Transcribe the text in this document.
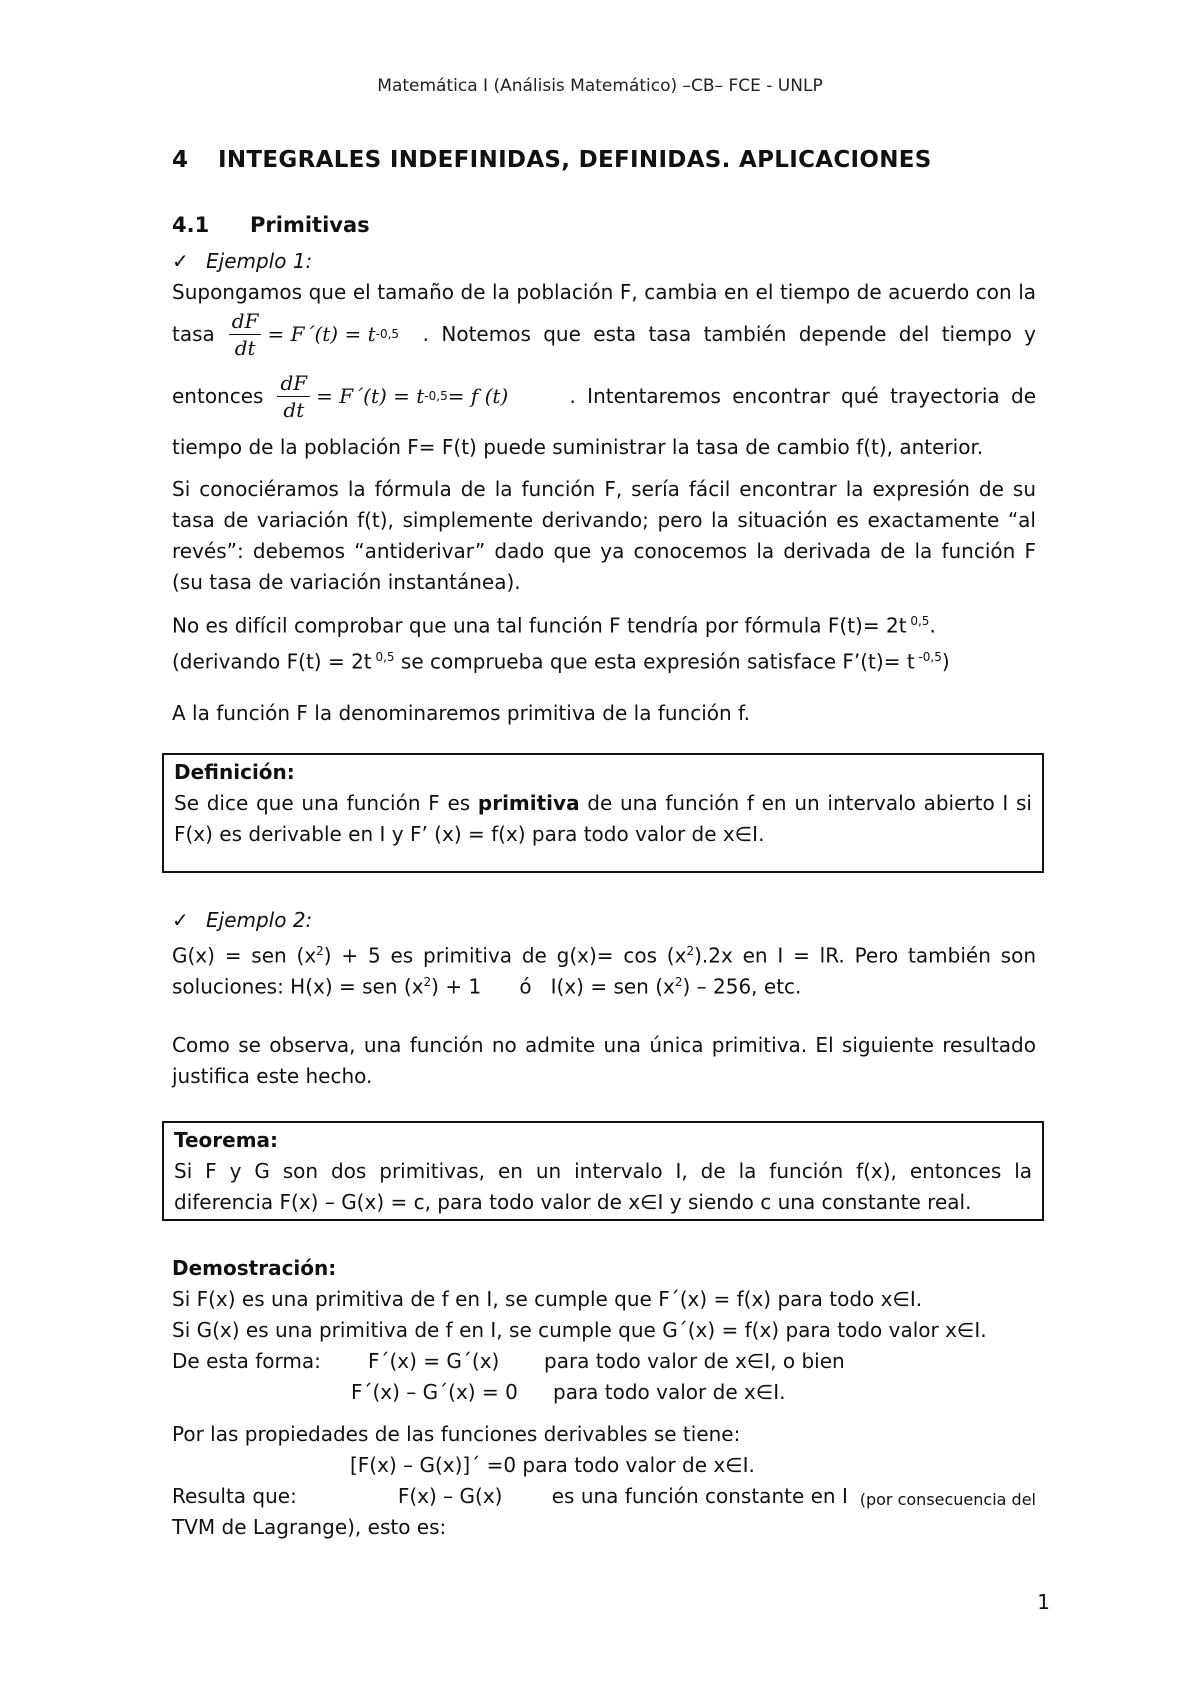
Matemática I (Análisis Matemático) –CB– FCE - UNLP
4 INTEGRALES INDEFINIDAS, DEFINIDAS. APLICACIONES
4.1 Primitivas
✓ Ejemplo 1:
Supongamos que el tamaño de la población F, cambia en el tiempo de acuerdo con la
tasa $\frac{dF}{dt}$ = F´(t) = t -0,5 . Notemos que esta tasa también depende del tiempo y
entonces $\frac{dF}{dt}$ = F´(t) = t -0,5 = f (t)	. Intentaremos encontrar qué trayectoria de
tiempo de la población F= F(t) puede suministrar la tasa de cambio f(t), anterior.
Si conociéramos la fórmula de la función F, sería fácil encontrar la expresión de su tasa de variación f(t), simplemente derivando; pero la situación es exactamente “al revés”: debemos “antiderivar” dado que ya conocemos la derivada de la función F (su tasa de variación instantánea).
No es difícil comprobar que una tal función F tendría por fórmula F(t)= 2t $^{0,5}$.
(derivando F(t) = 2t $^{0,5}$ se comprueba que esta expresión satisface F’(t)= t $^{-0,5}$)
A la función F la denominaremos primitiva de la función f.
Definición:
Se dice que una función F es primitiva de una función f en un intervalo abierto I si
F(x) es derivable en I y F’ (x) = f(x) para todo valor de x∈I.
✓ Ejemplo 2:
G(x) = sen $(x^2) + 5$ es primitiva de $g(x)= \cos (x^2).2x$ en I = lR. Pero también son
soluciones: H(x) = sen $(x^2) + 1$      ó   I(x) = sen $(x^2) - 256$, etc.
Como se observa, una función no admite una única primitiva. El siguiente resultado justifica este hecho.
Teorema:
Si F y G son dos primitivas, en un intervalo I, de la función f(x), entonces la
diferencia F(x) – G(x) = c, para todo valor de x∈I y siendo c una constante real.
Demostración:
Si F(x) es una primitiva de f en I, se cumple que F´(x) = f(x) para todo x∈I.
Si G(x) es una primitiva de f en I, se cumple que G´(x) = f(x) para todo valor x∈I.
De esta forma: F´(x) = G´(x) para todo valor de x∈I, o bien
F´(x) – G´(x) = 0 para todo valor de x∈I.
Por las propiedades de las funciones derivables se tiene:
[F(x) – G(x)]´ =0 para todo valor de x∈I.
Resulta que:	F(x) – G(x)	es una función constante en I (por consecuencia del
TVM de Lagrange), esto es:
1
